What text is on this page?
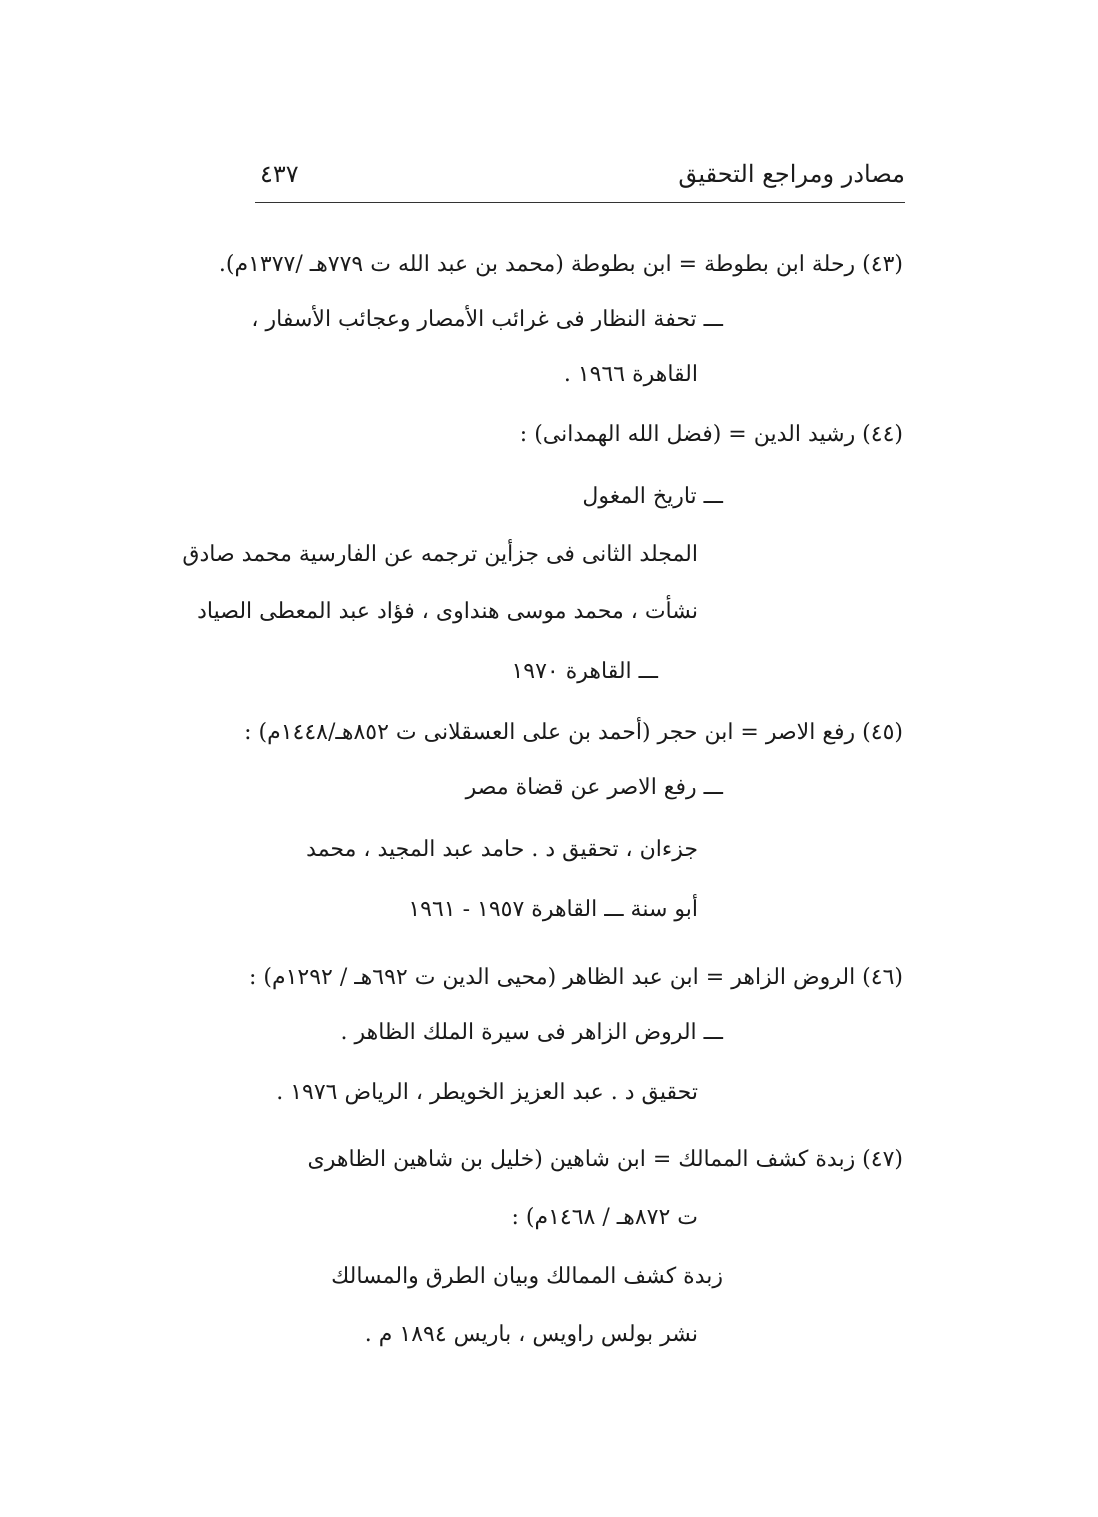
مصادر ومراجع التحقيق
٤٣٧
(٤٣) رحلة ابن بطوطة = ابن بطوطة (محمد بن عبد الله ت ٧٧٩هـ /١٣٧٧م).
ـــ تحفة النظار فى غرائب الأمصار وعجائب الأسفار ،
القاهرة ١٩٦٦ .
(٤٤) رشيد الدين = (فضل الله الهمدانى) :
ـــ تاريخ المغول
المجلد الثانى فى جزأين ترجمه عن الفارسية محمد صادق
نشأت ، محمد موسى هنداوى ، فؤاد عبد المعطى الصياد
ـــ القاهرة ١٩٧٠
(٤٥) رفع الاصر = ابن حجر (أحمد بن على العسقلانى ت ٨٥٢هـ/١٤٤٨م) :
ـــ رفع الاصر عن قضاة مصر
جزءان ، تحقيق د . حامد عبد المجيد ، محمد
أبو سنة ـــ القاهرة ١٩٥٧ - ١٩٦١
(٤٦) الروض الزاهر = ابن عبد الظاهر (محيى الدين ت ٦٩٢هـ / ١٢٩٢م) :
ـــ الروض الزاهر فى سيرة الملك الظاهر .
تحقيق د . عبد العزيز الخويطر ، الرياض ١٩٧٦ .
(٤٧) زبدة كشف الممالك = ابن شاهين (خليل بن شاهين الظاهرى
ت ٨٧٢هـ / ١٤٦٨م) :
زبدة كشف الممالك وبيان الطرق والمسالك
نشر بولس راويس ، باريس ١٨٩٤ م .
